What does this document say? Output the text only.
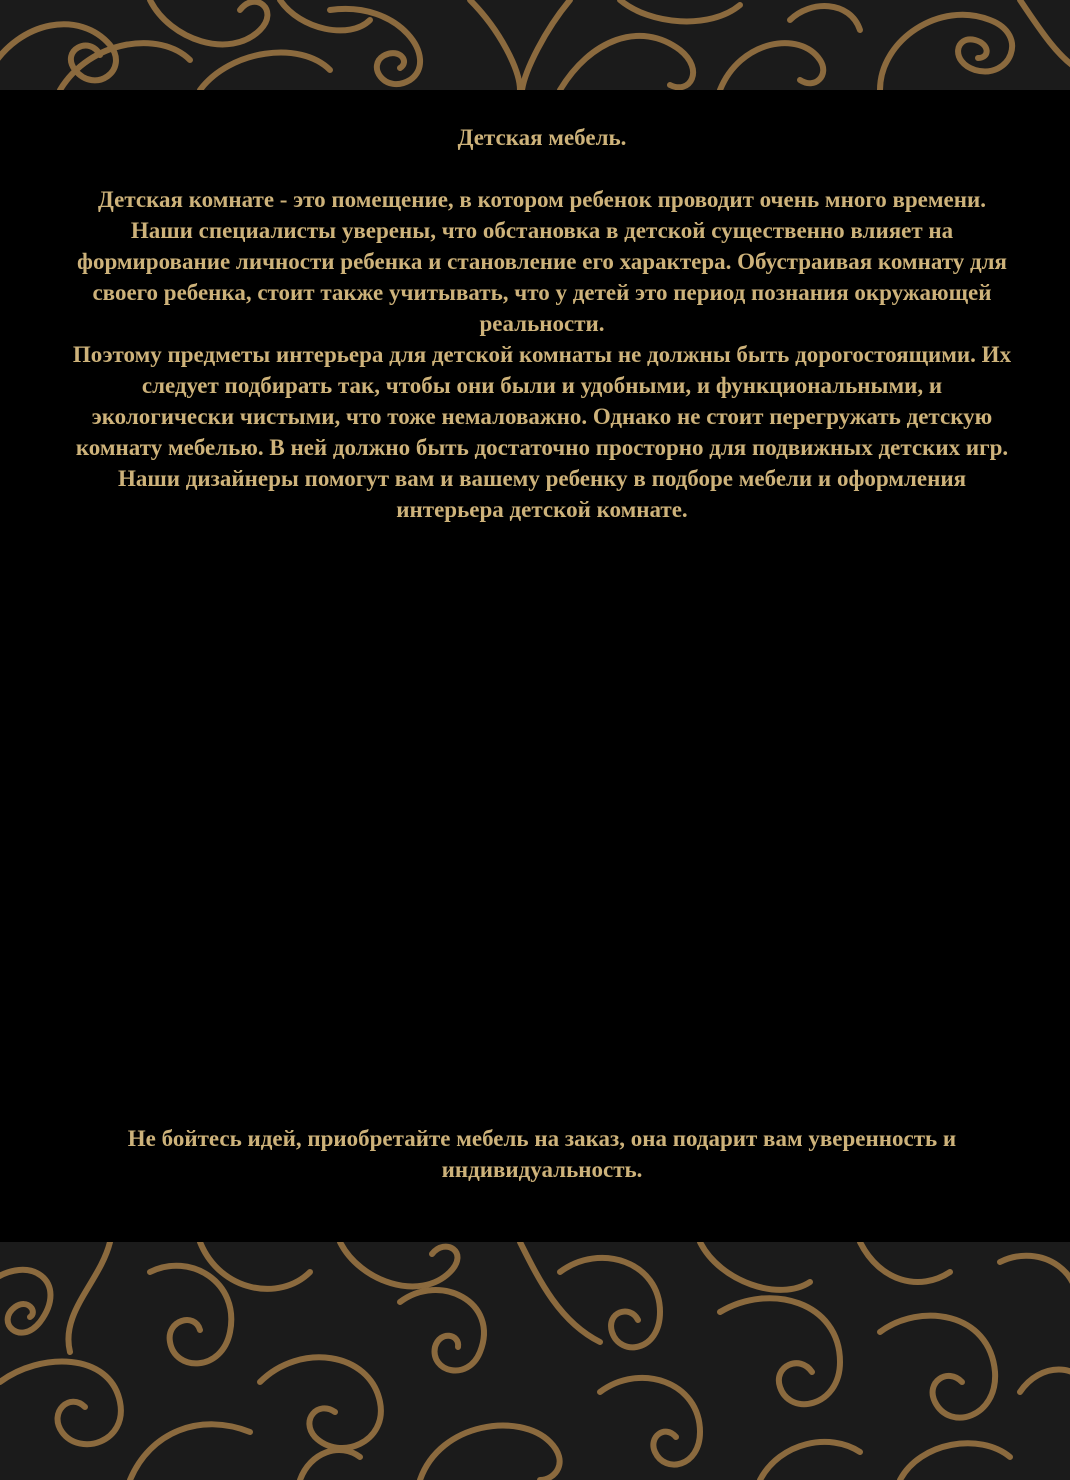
Детская мебель.

Детская комнате - это помещение, в котором ребенок проводит очень много времени. Наши специалисты уверены, что обстановка в детской существенно влияет на формирование личности ребенка и становление его характера. Обустраивая комнату для своего ребенка, стоит также учитывать, что у детей это период познания окружающей реальности.

Поэтому предметы интерьера для детской комнаты не должны быть дорогостоящими. Их следует подбирать так, чтобы они были и удобными, и функциональными, и экологически чистыми, что тоже немаловажно. Однако не стоит перегружать детскую комнату мебелью. В ней должно быть достаточно просторно для подвижных детских игр.

Наши дизайнеры помогут вам и вашему ребенку в подборе мебели и оформления интерьера детской комнате.

Не бойтесь идей, приобретайте мебель на заказ, она подарит вам уверенность и индивидуальность.
